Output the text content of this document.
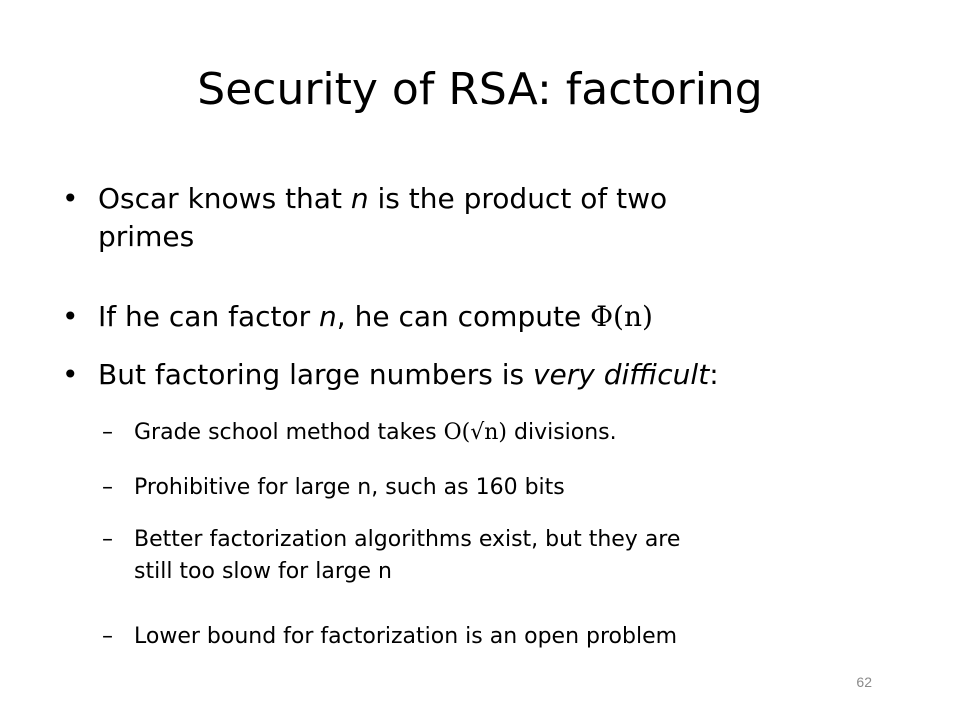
Security of RSA: factoring
• Oscar knows that n is the product of two
primes
• If he can factor n, he can compute Φ(n)
• But factoring large numbers is very difficult:
– Grade school method takes O(√n) divisions.
– Prohibitive for large n, such as 160 bits
– Better factorization algorithms exist, but they are
still too slow for large n
– Lower bound for factorization is an open problem
62
